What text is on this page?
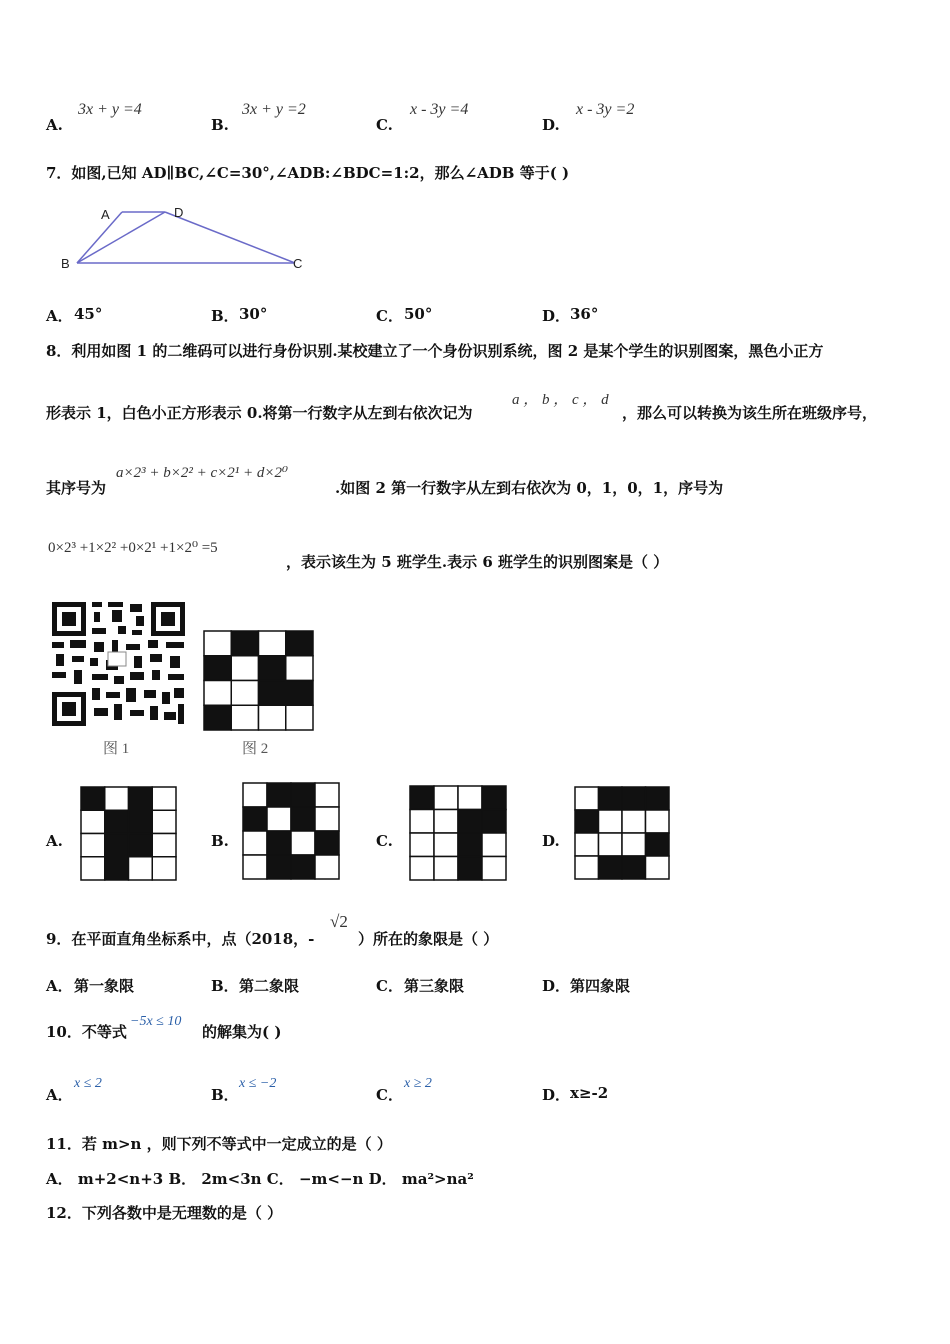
A.
3x + y =4
B.
3x + y =2
C.
x - 3y =4
D.
x - 3y =2
7．如图,已知 AD∥BC,∠C=30°,∠ADB:∠BDC=1:2，那么∠ADB 等于( )
A	D
B	C
A． 45°	B． 30°	C． 50°	D． 36°
8．利用如图 1 的二维码可以进行身份识别.某校建立了一个身份识别系统，图 2 是某个学生的识别图案，黑色小正方
形表示 1，白色小正方形表示 0.将第一行数字从左到右依次记为
a ， b ， c ， d
，那么可以转换为该生所在班级序号，
其序号为
a×2³ + b×2² + c×2¹ + d×2⁰
.如图 2 第一行数字从左到右依次为 0，1，0，1，序号为
0×2³ +1×2² +0×2¹ +1×2⁰ =5
，表示该生为 5 班学生.表示 6 班学生的识别图案是（ ）
图 1	图 2
A.	B.	C.	D.
9．在平面直角坐标系中，点（2018，-
√2
）所在的象限是（ ）
A． 第一象限	B． 第二象限	C． 第三象限	D． 第四象限
10．不等式
−5x ≤ 10
的解集为( )
A．
x ≤ 2
B．
x ≤ −2
C．
x ≥ 2
D． x≥-2
11．若 m>n ，则下列不等式中一定成立的是（ ）
A． m+2<n+3 B． 2m<3n C． −m<−n D． ma²>na²
12．下列各数中是无理数的是（ ）
